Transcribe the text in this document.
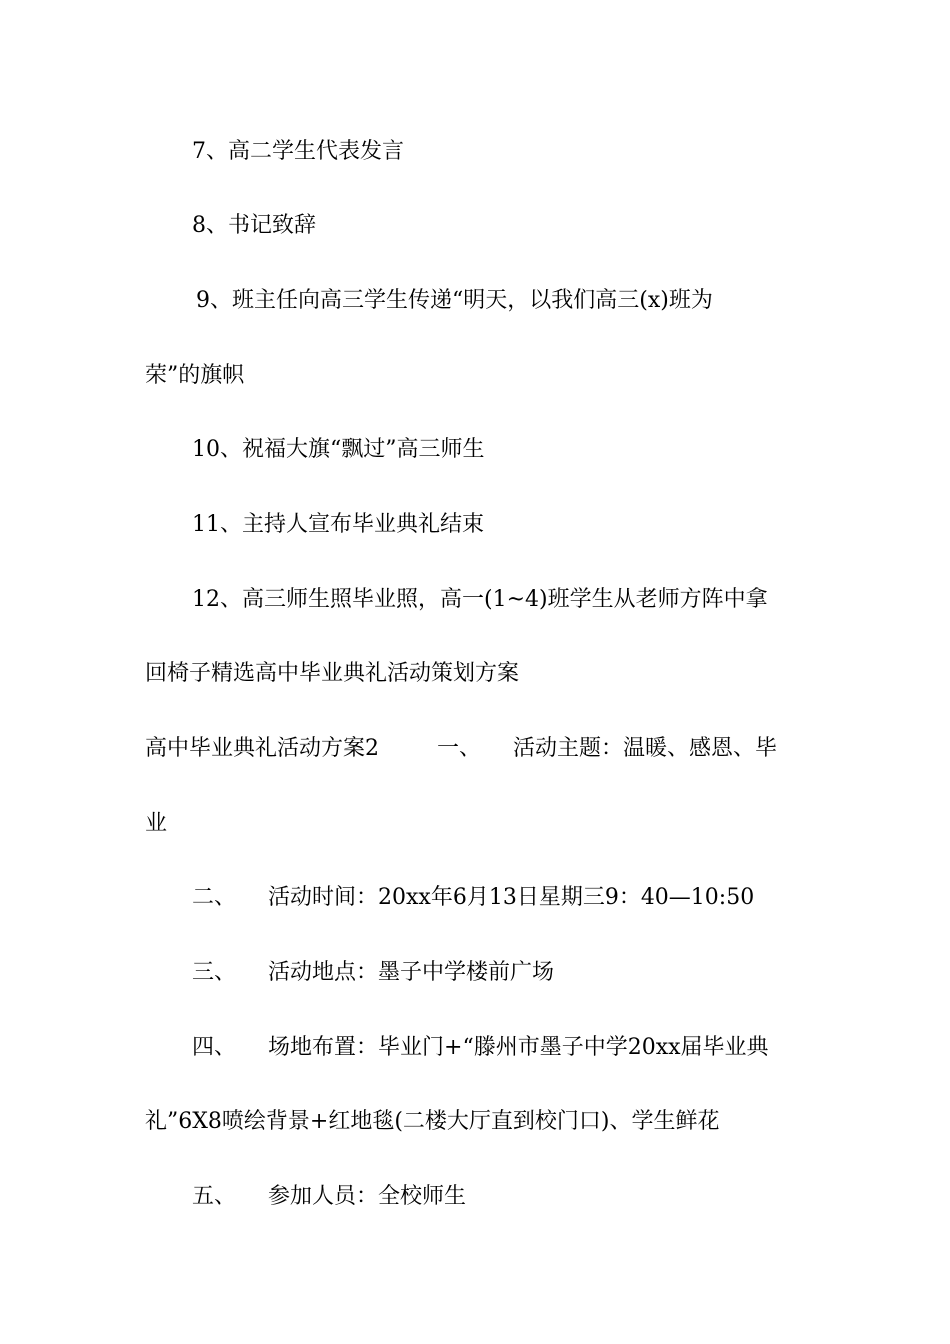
7、高二学生代表发言
8、书记致辞
9、班主任向高三学生传递“明天，以我们高三(x)班为
荣”的旗帜
10、祝福大旗“飘过”高三师生
11、主持人宣布毕业典礼结束
12、高三师生照毕业照，高一(1~4)班学生从老师方阵中拿
回椅子精选高中毕业典礼活动策划方案
高中毕业典礼活动方案2	一、 活动主题：温暖、感恩、毕
业
二、 活动时间：20xx年6月13日星期三9：40—10:50
三、 活动地点：墨子中学楼前广场
四、 场地布置：毕业门+“滕州市墨子中学20xx届毕业典
礼”6X8喷绘背景+红地毯(二楼大厅直到校门口)、学生鲜花
五、 参加人员：全校师生
